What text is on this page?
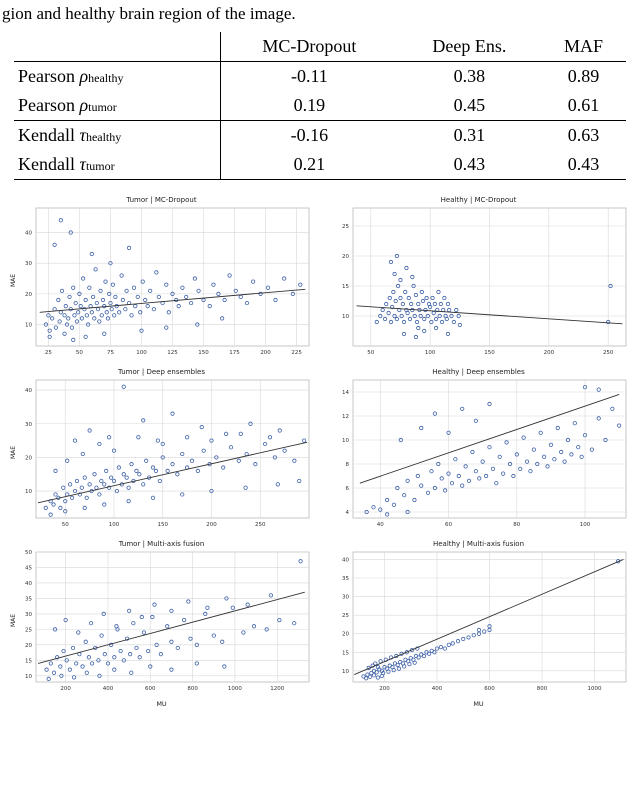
gion and healthy brain region of the image.
	MC-Dropout	Deep Ens.	MAF
Pearson ρhealthy	-0.11	0.38	0.89
Pearson ρtumor	0.19	0.45	0.61
Kendall τhealthy	-0.16	0.31	0.63
Kendall τtumor	0.21	0.43	0.43
Tumor | MC-Dropout
25	50	75	100	125	150	175	200	225
10
20
30
40
MAE
Healthy | MC-Dropout
50	100	150	200	250
10
15
20
25
Tumor | Deep ensembles
50	100	150	200	250
10
20
30
40
MAE
Healthy | Deep ensembles
40	60	80	100
4
6
8
10
12
14
Tumor | Multi-axis fusion
200	400	600	800	1000	1200
10
15
20
25
30
35
40
45
50
MAE
MU
Healthy | Multi-axis fusion
200	400	600	800	1000
10
15
20
25
30
35
40
MU
